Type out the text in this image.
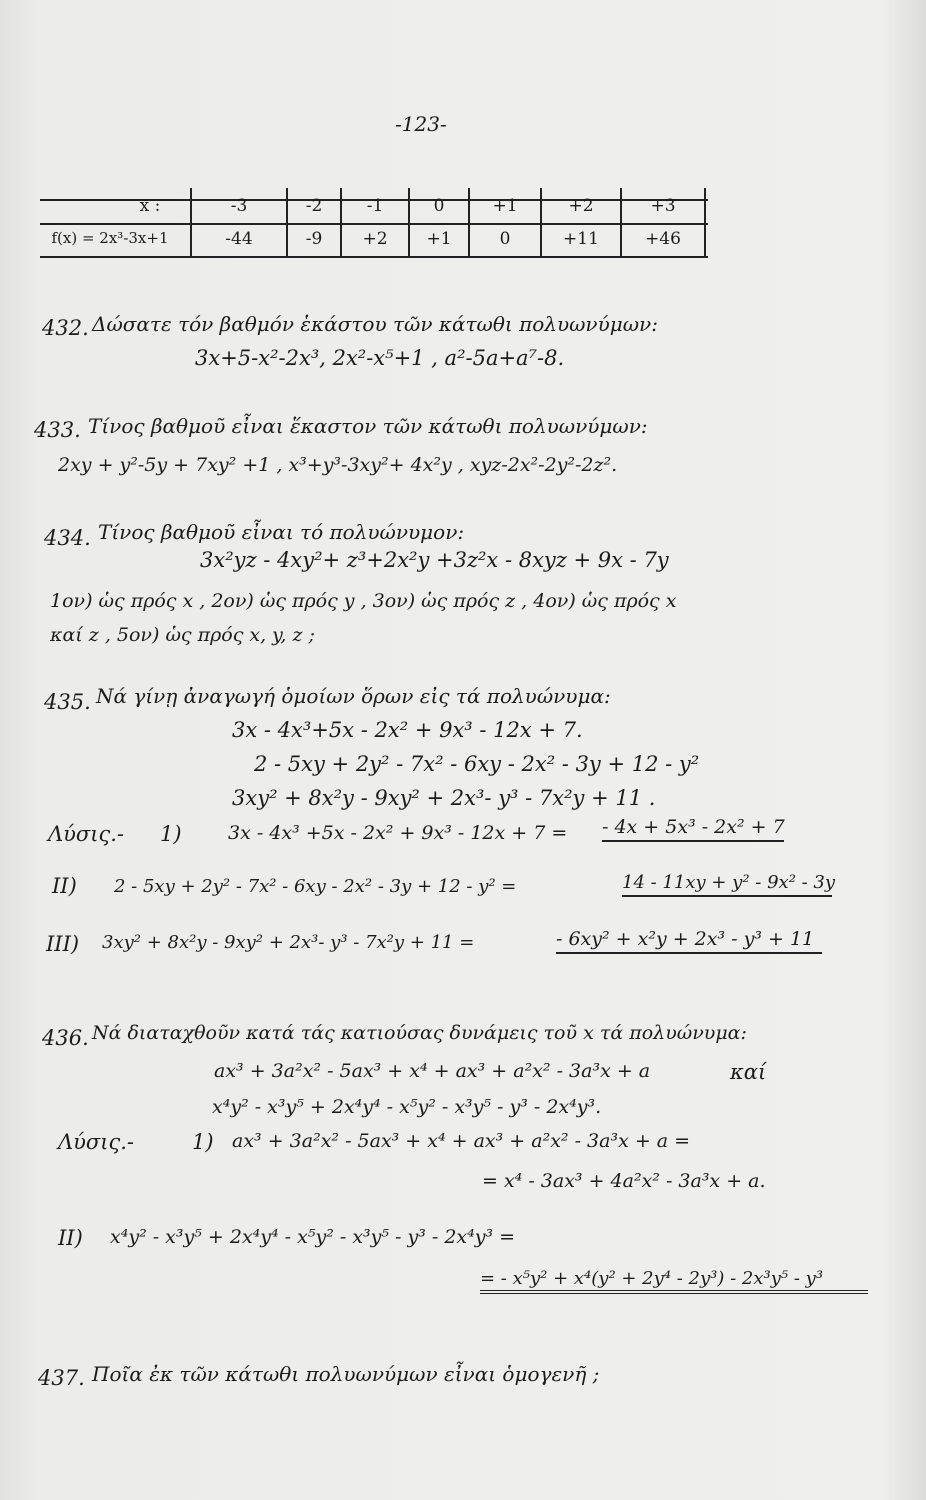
-123-
x :	-3	-2	-1	0	+1	+2	+3
f(x) = 2x³-3x+1	-44	-9	+2	+1	0	+11	+46
432. Δώσατε τόν βαθμόν ἑκάστου τῶν κάτωθι πολυωνύμων:
3x+5-x²-2x³, 2x²-x⁵+1 , a²-5a+a⁷-8.
433. Τίνος βαθμοῦ εἶναι ἕκαστον τῶν κάτωθι πολυωνύμων:
2xy + y²-5y + 7xy² +1 , x³+y³-3xy²+ 4x²y , xyz-2x²-2y²-2z².
434. Τίνος βαθμοῦ εἶναι τό πολυώνυμον:
3x²yz - 4xy²+ z³+2x²y +3z²x - 8xyz + 9x - 7y
1ον) ὡς πρός x , 2ον) ὡς πρός y , 3ον) ὡς πρός z , 4ον) ὡς πρός x
καί z , 5ον) ὡς πρός x, y, z ;
435. Νά γίνῃ ἀναγωγή ὁμοίων ὅρων εἰς τά πολυώνυμα:
3x - 4x³+5x - 2x² + 9x³ - 12x + 7.
2 - 5xy + 2y² - 7x² - 6xy - 2x² - 3y + 12 - y²
3xy² + 8x²y - 9xy² + 2x³- y³ - 7x²y + 11 .
Λύσις.- 1) 3x - 4x³ +5x - 2x² + 9x³ - 12x + 7 = - 4x + 5x³ - 2x² + 7
II) 2 - 5xy + 2y² - 7x² - 6xy - 2x² - 3y + 12 - y² =	14 - 11xy + y² - 9x² - 3y
III) 3xy² + 8x²y - 9xy² + 2x³- y³ - 7x²y + 11 =	- 6xy² + x²y + 2x³ - y³ + 11
436. Νά διαταχθοῦν κατά τάς κατιούσας δυνάμεις τοῦ x τά πολυώνυμα:
ax³ + 3a²x² - 5ax³ + x⁴ + ax³ + a²x² - 3a³x + a	καί
x⁴y² - x³y⁵ + 2x⁴y⁴ - x⁵y² - x³y⁵ - y³ - 2x⁴y³.
Λύσις.-	1) ax³ + 3a²x² - 5ax³ + x⁴ + ax³ + a²x² - 3a³x + a =
= x⁴ - 3ax³ + 4a²x² - 3a³x + a.
II) x⁴y² - x³y⁵ + 2x⁴y⁴ - x⁵y² - x³y⁵ - y³ - 2x⁴y³ =
= - x⁵y² + x⁴(y² + 2y⁴ - 2y³) - 2x³y⁵ - y³
437. Ποῖα ἐκ τῶν κάτωθι πολυωνύμων εἶναι ὁμογενῆ ;
